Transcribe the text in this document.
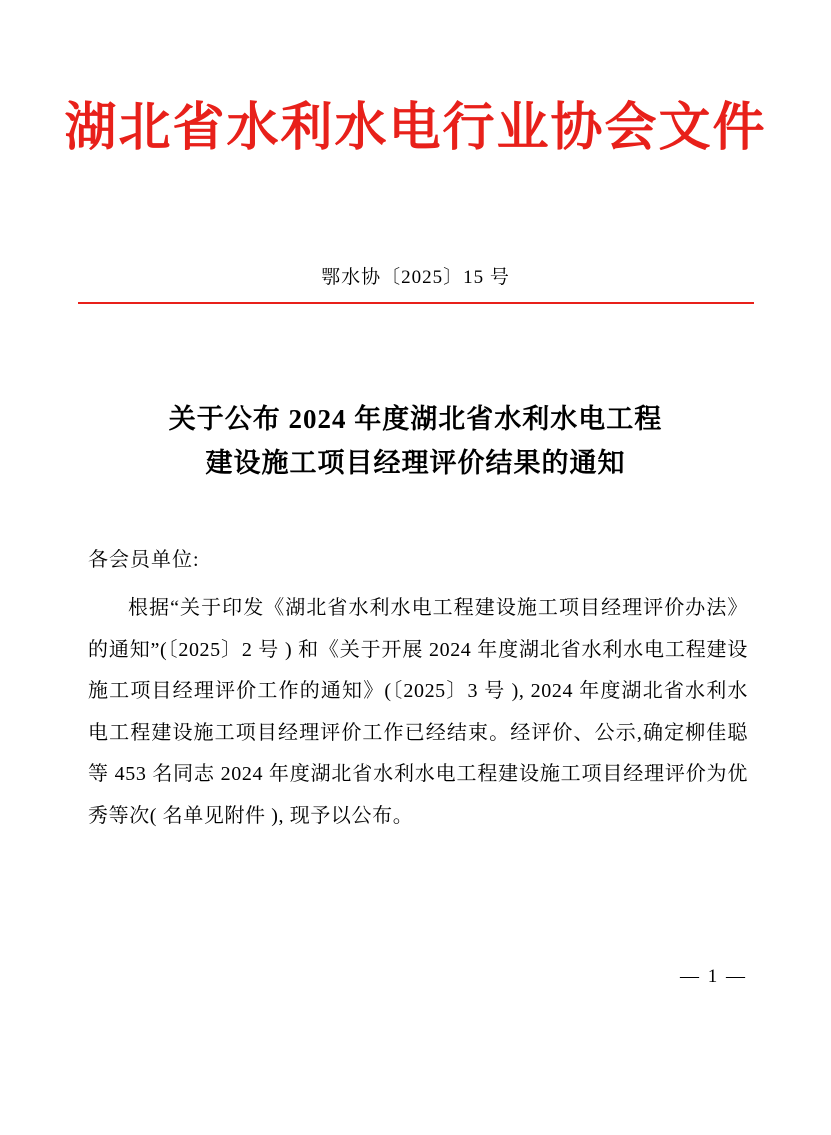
湖北省水利水电行业协会文件
鄂水协〔2025〕15 号
关于公布 2024 年度湖北省水利水电工程
建设施工项目经理评价结果的通知
各会员单位:
根据“关于印发《湖北省水利水电工程建设施工项目经理评价办法》的通知”(〔2025〕2 号 ) 和《关于开展 2024 年度湖北省水利水电工程建设施工项目经理评价工作的通知》(〔2025〕3 号 ), 2024 年度湖北省水利水电工程建设施工项目经理评价工作已经结束。经评价、公示,确定柳佳聪等 453 名同志 2024 年度湖北省水利水电工程建设施工项目经理评价为优秀等次( 名单见附件 ), 现予以公布。
— 1 —
